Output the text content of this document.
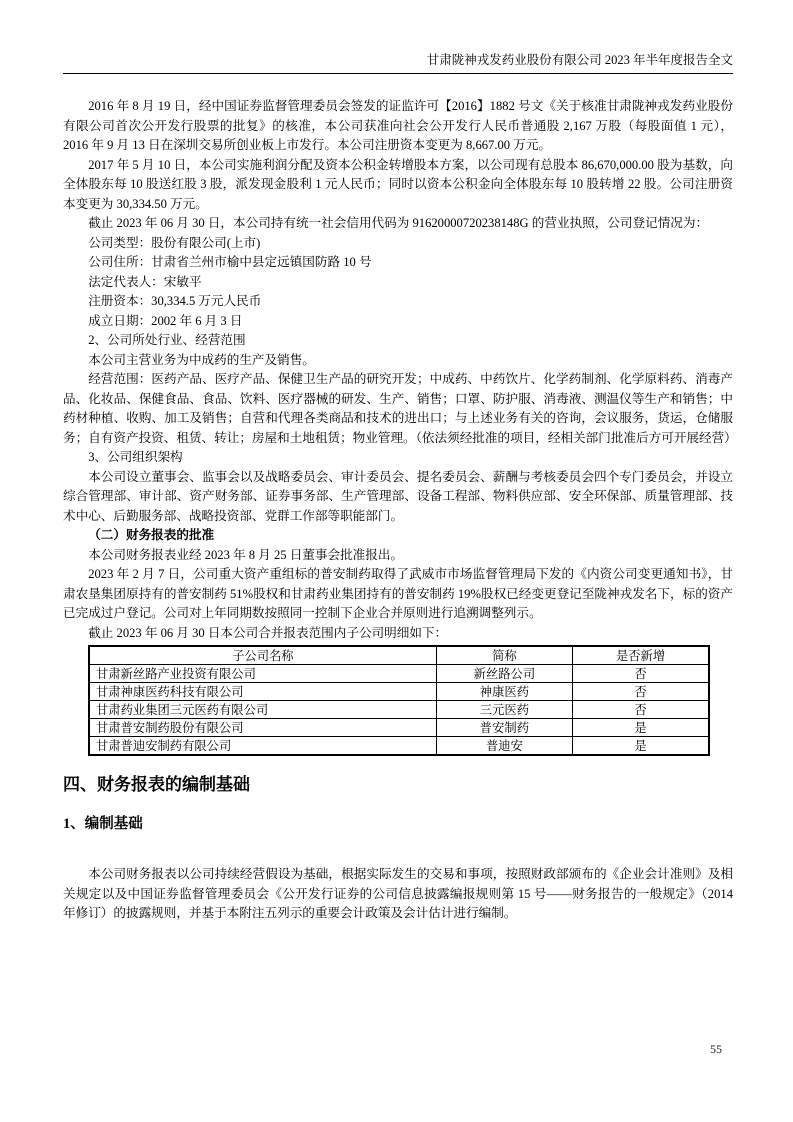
甘肃陇神戎发药业股份有限公司 2023 年半年度报告全文

2016 年 8 月 19 日，经中国证券监督管理委员会签发的证监许可【2016】1882 号文《关于核准甘肃陇神戎发药业股份有限公司首次公开发行股票的批复》的核准，本公司获准向社会公开发行人民币普通股 2,167 万股（每股面值 1 元），2016 年 9 月 13 日在深圳交易所创业板上市发行。本公司注册资本变更为 8,667.00 万元。

2017 年 5 月 10 日，本公司实施利润分配及资本公积金转增股本方案，以公司现有总股本 86,670,000.00 股为基数，向全体股东每 10 股送红股 3 股，派发现金股利 1 元人民币；同时以资本公积金向全体股东每 10 股转增 22 股。公司注册资本变更为 30,334.50 万元。

截止 2023 年 06 月 30 日，本公司持有统一社会信用代码为 91620000720238148G 的营业执照，公司登记情况为：

公司类型：股份有限公司(上市)

公司住所：甘肃省兰州市榆中县定远镇国防路 10 号

法定代表人：宋敏平

注册资本：30,334.5 万元人民币

成立日期：2002 年 6 月 3 日

2、公司所处行业、经营范围

本公司主营业务为中成药的生产及销售。

经营范围：医药产品、医疗产品、保健卫生产品的研究开发；中成药、中药饮片、化学药制剂、化学原料药、消毒产品、化妆品、保健食品、食品、饮料、医疗器械的研发、生产、销售；口罩、防护服、消毒液、测温仪等生产和销售；中药材种植、收购、加工及销售；自营和代理各类商品和技术的进出口；与上述业务有关的咨询，会议服务，货运，仓储服务；自有资产投资、租赁、转让；房屋和土地租赁；物业管理。（依法须经批准的项目，经相关部门批准后方可开展经营）

3、公司组织架构

本公司设立董事会、监事会以及战略委员会、审计委员会、提名委员会、薪酬与考核委员会四个专门委员会，并设立综合管理部、审计部、资产财务部、证券事务部、生产管理部、设备工程部、物料供应部、安全环保部、质量管理部、技术中心、后勤服务部、战略投资部、党群工作部等职能部门。

（二）财务报表的批准

本公司财务报表业经 2023 年 8 月 25 日董事会批准报出。

2023 年 2 月 7 日，公司重大资产重组标的普安制药取得了武威市市场监督管理局下发的《内资公司变更通知书》，甘肃农垦集团原持有的普安制药 51%股权和甘肃药业集团持有的普安制药 19%股权已经变更登记至陇神戎发名下，标的资产已完成过户登记。公司对上年同期数按照同一控制下企业合并原则进行追溯调整列示。

截止 2023 年 06 月 30 日本公司合并报表范围内子公司明细如下：

子公司名称	简称	是否新增
甘肃新丝路产业投资有限公司	新丝路公司	否
甘肃神康医药科技有限公司	神康医药	否
甘肃药业集团三元医药有限公司	三元医药	否
甘肃普安制药股份有限公司	普安制药	是
甘肃普迪安制药有限公司	普迪安	是

四、财务报表的编制基础

1、编制基础

本公司财务报表以公司持续经营假设为基础，根据实际发生的交易和事项，按照财政部颁布的《企业会计准则》及相关规定以及中国证券监督管理委员会《公开发行证券的公司信息披露编报规则第 15 号——财务报告的一般规定》（2014 年修订）的披露规则，并基于本附注五列示的重要会计政策及会计估计进行编制。

55
